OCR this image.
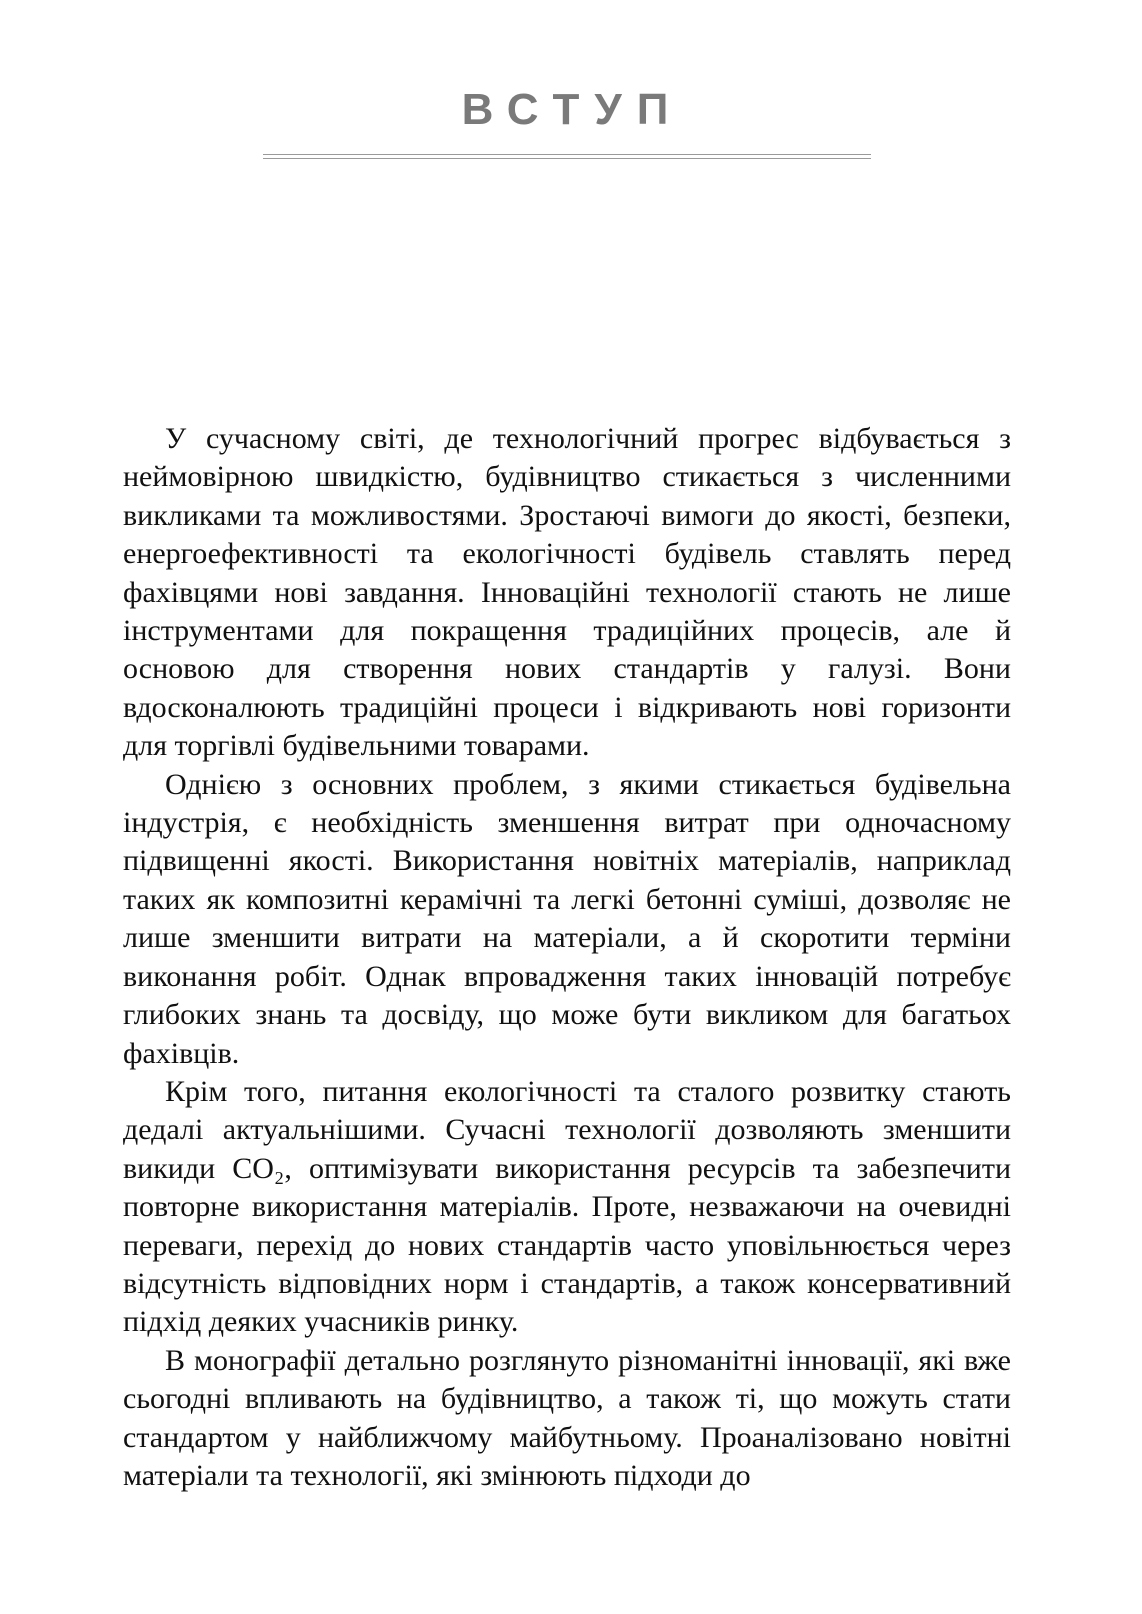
ВСТУП

У сучасному світі, де технологічний прогрес відбувається з неймовірною швидкістю, будівництво стикається з численними викликами та можливостями. Зростаючі вимоги до якості, безпеки, енергоефективності та екологічності будівель ставлять перед фахівцями нові завдання. Інноваційні технології стають не лише інструментами для покращення традиційних процесів, але й основою для створення нових стандартів у галузі. Вони вдосконалюють традиційні процеси і відкривають нові горизонти для торгівлі будівельними товарами.

Однією з основних проблем, з якими стикається будівельна індустрія, є необхідність зменшення витрат при одночасному підвищенні якості. Використання новітніх матеріалів, наприклад таких як композитні керамічні та легкі бетонні суміші, дозволяє не лише зменшити витрати на матеріали, а й скоротити терміни виконання робіт. Однак впровадження таких інновацій потребує глибоких знань та досвіду, що може бути викликом для багатьох фахівців.

Крім того, питання екологічності та сталого розвитку стають дедалі актуальнішими. Сучасні технології дозволяють зменшити викиди СО₂, оптимізувати використання ресурсів та забезпечити повторне використання матеріалів. Проте, незважаючи на очевидні переваги, перехід до нових стандартів часто уповільнюється через відсутність відповідних норм і стандартів, а також консервативний підхід деяких учасників ринку.

В монографії детально розглянуто різноманітні інновації, які вже сьогодні впливають на будівництво, а також ті, що можуть стати стандартом у найближчому майбутньому. Проаналізовано новітні матеріали та технології, які змінюють підходи до
